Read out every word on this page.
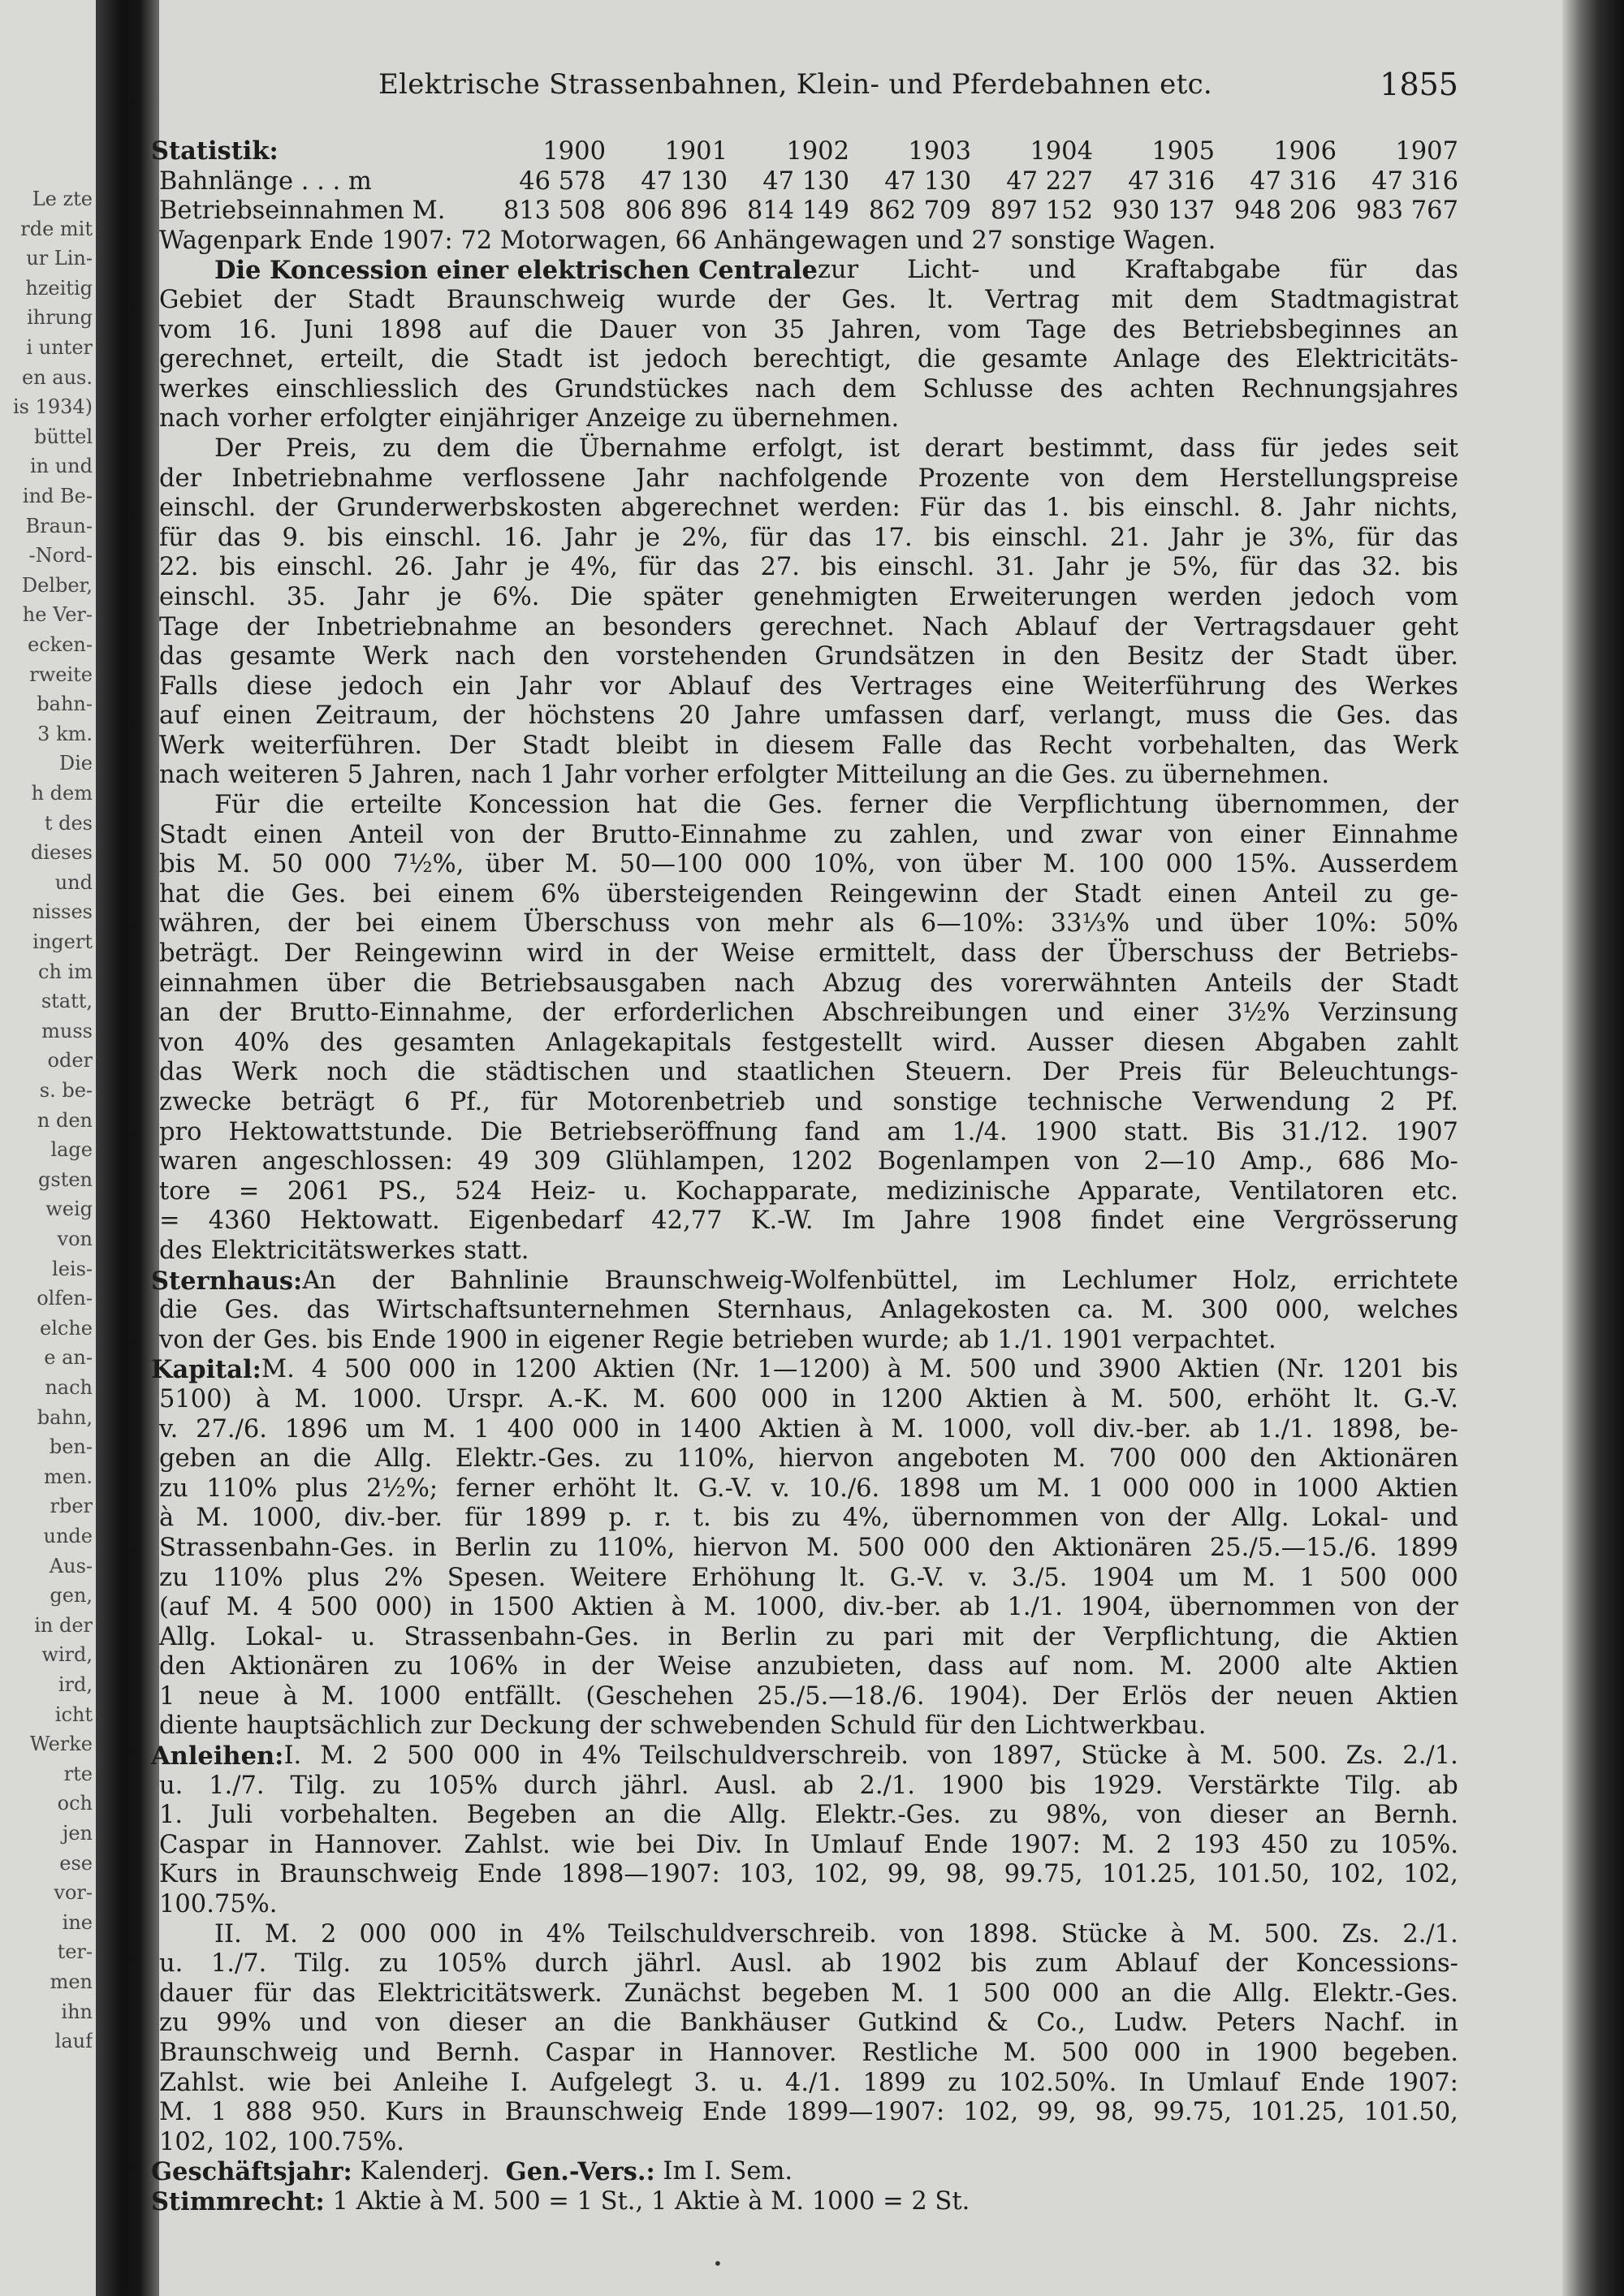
Le zte
rde mit
ur Lin-
hzeitig
ihrung
i unter
en aus.
is 1934)
büttel
in und
ind Be-
Braun-
-Nord-
Delber,
he Ver-
ecken-
rweite
bahn-
3 km.
Die
h dem
t des
dieses
und
nisses
ingert
ch im
statt,
muss
oder
s. be-
n den
lage
gsten
weig
von
leis-
olfen-
elche
e an-
nach
bahn,
ben-
men.
rber
unde
Aus-
gen,
in der
wird,
ird,
icht
Werke
rte
och
jen
ese
vor-
ine
ter-
men
ihn
lauf
Elektrische Strassenbahnen, Klein- und Pferdebahnen etc.	1855
Statistik:	1900	1901	1902	1903	1904	1905	1906	1907
Bahnlänge . . . m	46 578	47 130	47 130	47 130	47 227	47 316	47 316	47 316
Betriebseinnahmen M.	813 508	806 896	814 149	862 709	897 152	930 137	948 206	983 767
Wagenpark Ende 1907: 72 Motorwagen, 66 Anhängewagen und 27 sonstige Wagen.
Die Koncession einer elektrischen Centrale zur Licht- und Kraftabgabe für das
Gebiet der Stadt Braunschweig wurde der Ges. lt. Vertrag mit dem Stadtmagistrat
vom 16. Juni 1898 auf die Dauer von 35 Jahren, vom Tage des Betriebsbeginnes an
gerechnet, erteilt, die Stadt ist jedoch berechtigt, die gesamte Anlage des Elektricitäts-
werkes einschliesslich des Grundstückes nach dem Schlusse des achten Rechnungsjahres
nach vorher erfolgter einjähriger Anzeige zu übernehmen.
Der Preis, zu dem die Übernahme erfolgt, ist derart bestimmt, dass für jedes seit
der Inbetriebnahme verflossene Jahr nachfolgende Prozente von dem Herstellungspreise
einschl. der Grunderwerbskosten abgerechnet werden: Für das 1. bis einschl. 8. Jahr nichts,
für das 9. bis einschl. 16. Jahr je 2%, für das 17. bis einschl. 21. Jahr je 3%, für das
22. bis einschl. 26. Jahr je 4%, für das 27. bis einschl. 31. Jahr je 5%, für das 32. bis
einschl. 35. Jahr je 6%. Die später genehmigten Erweiterungen werden jedoch vom
Tage der Inbetriebnahme an besonders gerechnet. Nach Ablauf der Vertragsdauer geht
das gesamte Werk nach den vorstehenden Grundsätzen in den Besitz der Stadt über.
Falls diese jedoch ein Jahr vor Ablauf des Vertrages eine Weiterführung des Werkes
auf einen Zeitraum, der höchstens 20 Jahre umfassen darf, verlangt, muss die Ges. das
Werk weiterführen. Der Stadt bleibt in diesem Falle das Recht vorbehalten, das Werk
nach weiteren 5 Jahren, nach 1 Jahr vorher erfolgter Mitteilung an die Ges. zu übernehmen.
Für die erteilte Koncession hat die Ges. ferner die Verpflichtung übernommen, der
Stadt einen Anteil von der Brutto-Einnahme zu zahlen, und zwar von einer Einnahme
bis M. 50 000 7½%, über M. 50—100 000 10%, von über M. 100 000 15%. Ausserdem
hat die Ges. bei einem 6% übersteigenden Reingewinn der Stadt einen Anteil zu ge-
währen, der bei einem Überschuss von mehr als 6—10%: 33⅓% und über 10%: 50%
beträgt. Der Reingewinn wird in der Weise ermittelt, dass der Überschuss der Betriebs-
einnahmen über die Betriebsausgaben nach Abzug des vorerwähnten Anteils der Stadt
an der Brutto-Einnahme, der erforderlichen Abschreibungen und einer 3½% Verzinsung
von 40% des gesamten Anlagekapitals festgestellt wird. Ausser diesen Abgaben zahlt
das Werk noch die städtischen und staatlichen Steuern. Der Preis für Beleuchtungs-
zwecke beträgt 6 Pf., für Motorenbetrieb und sonstige technische Verwendung 2 Pf.
pro Hektowattstunde. Die Betriebseröffnung fand am 1./4. 1900 statt. Bis 31./12. 1907
waren angeschlossen: 49 309 Glühlampen, 1202 Bogenlampen von 2—10 Amp., 686 Mo-
tore = 2061 PS., 524 Heiz- u. Kochapparate, medizinische Apparate, Ventilatoren etc.
= 4360 Hektowatt. Eigenbedarf 42,77 K.-W. Im Jahre 1908 findet eine Vergrösserung
des Elektricitätswerkes statt.
Sternhaus: An der Bahnlinie Braunschweig-Wolfenbüttel, im Lechlumer Holz, errichtete
die Ges. das Wirtschaftsunternehmen Sternhaus, Anlagekosten ca. M. 300 000, welches
von der Ges. bis Ende 1900 in eigener Regie betrieben wurde; ab 1./1. 1901 verpachtet.
Kapital: M. 4 500 000 in 1200 Aktien (Nr. 1—1200) à M. 500 und 3900 Aktien (Nr. 1201 bis
5100) à M. 1000. Urspr. A.-K. M. 600 000 in 1200 Aktien à M. 500, erhöht lt. G.-V.
v. 27./6. 1896 um M. 1 400 000 in 1400 Aktien à M. 1000, voll div.-ber. ab 1./1. 1898, be-
geben an die Allg. Elektr.-Ges. zu 110%, hiervon angeboten M. 700 000 den Aktionären
zu 110% plus 2½%; ferner erhöht lt. G.-V. v. 10./6. 1898 um M. 1 000 000 in 1000 Aktien
à M. 1000, div.-ber. für 1899 p. r. t. bis zu 4%, übernommen von der Allg. Lokal- und
Strassenbahn-Ges. in Berlin zu 110%, hiervon M. 500 000 den Aktionären 25./5.—15./6. 1899
zu 110% plus 2% Spesen. Weitere Erhöhung lt. G.-V. v. 3./5. 1904 um M. 1 500 000
(auf M. 4 500 000) in 1500 Aktien à M. 1000, div.-ber. ab 1./1. 1904, übernommen von der
Allg. Lokal- u. Strassenbahn-Ges. in Berlin zu pari mit der Verpflichtung, die Aktien
den Aktionären zu 106% in der Weise anzubieten, dass auf nom. M. 2000 alte Aktien
1 neue à M. 1000 entfällt. (Geschehen 25./5.—18./6. 1904). Der Erlös der neuen Aktien
diente hauptsächlich zur Deckung der schwebenden Schuld für den Lichtwerkbau.
Anleihen: I. M. 2 500 000 in 4% Teilschuldverschreib. von 1897, Stücke à M. 500. Zs. 2./1.
u. 1./7. Tilg. zu 105% durch jährl. Ausl. ab 2./1. 1900 bis 1929. Verstärkte Tilg. ab
1. Juli vorbehalten. Begeben an die Allg. Elektr.-Ges. zu 98%, von dieser an Bernh.
Caspar in Hannover. Zahlst. wie bei Div. In Umlauf Ende 1907: M. 2 193 450 zu 105%.
Kurs in Braunschweig Ende 1898—1907: 103, 102, 99, 98, 99.75, 101.25, 101.50, 102, 102,
100.75%.
II. M. 2 000 000 in 4% Teilschuldverschreib. von 1898. Stücke à M. 500. Zs. 2./1.
u. 1./7. Tilg. zu 105% durch jährl. Ausl. ab 1902 bis zum Ablauf der Koncessions-
dauer für das Elektricitätswerk. Zunächst begeben M. 1 500 000 an die Allg. Elektr.-Ges.
zu 99% und von dieser an die Bankhäuser Gutkind & Co., Ludw. Peters Nachf. in
Braunschweig und Bernh. Caspar in Hannover. Restliche M. 500 000 in 1900 begeben.
Zahlst. wie bei Anleihe I. Aufgelegt 3. u. 4./1. 1899 zu 102.50%. In Umlauf Ende 1907:
M. 1 888 950. Kurs in Braunschweig Ende 1899—1907: 102, 99, 98, 99.75, 101.25, 101.50,
102, 102, 100.75%.
Geschäftsjahr:
Kalenderj.
Gen.-Vers.:
Im I. Sem.
Stimmrecht:
1 Aktie à M. 500 = 1 St., 1 Aktie à M. 1000 = 2 St.
•
